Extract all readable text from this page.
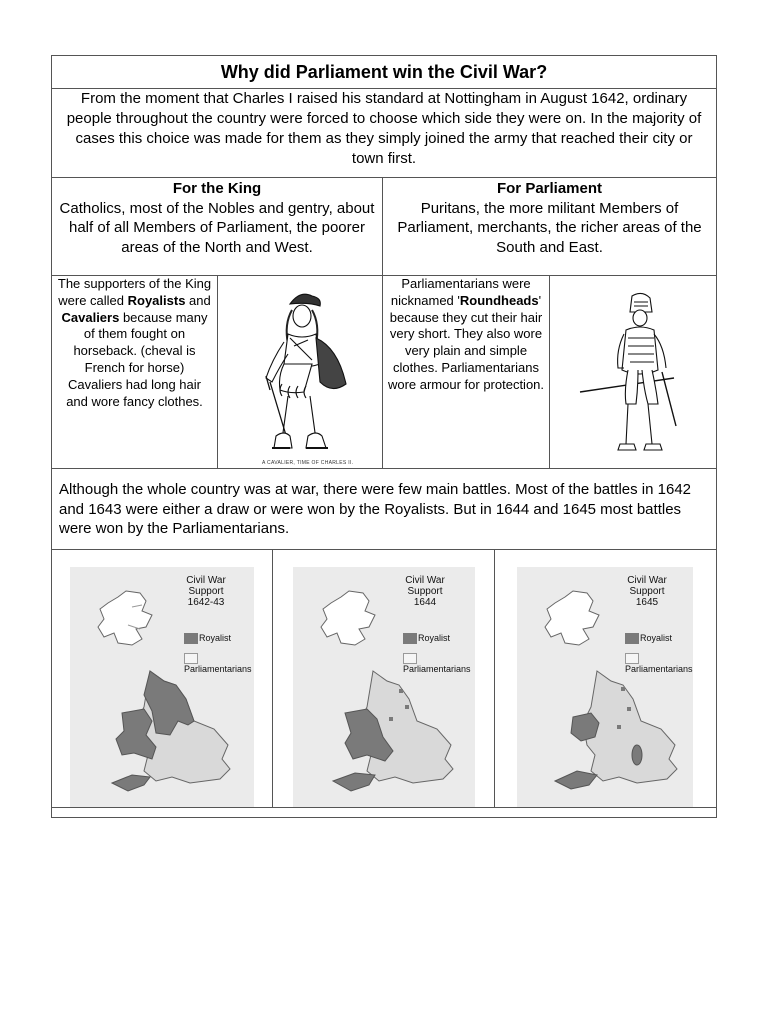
Why did Parliament win the Civil War?
From the moment that Charles I raised his standard at Nottingham in August 1642, ordinary people throughout the country were forced to choose which side they were on. In the majority of cases this choice was made for them as they simply joined the army that reached their city or town first.
For the King
Catholics, most of the Nobles and gentry, about half of all Members of Parliament, the poorer areas of the North and West.
For Parliament
Puritans, the more militant Members of Parliament, merchants, the richer areas of the South and East.
The supporters of the King were called Royalists and Cavaliers because many of them fought on horseback. (cheval is French for horse) Cavaliers had long hair and wore fancy clothes.
A CAVALIER, TIME OF CHARLES II.
Parliamentarians were nicknamed 'Roundheads' because they cut their hair very short. They also wore very plain and simple clothes. Parliamentarians wore armour for protection.
Although the whole country was at war, there were few main battles. Most of the battles in 1642 and 1643 were either a draw or were won by the Royalists. But in 1644 and 1645 most battles were won by the Parliamentarians.
Civil War
Support
1642-43
Royalist
Parliamentarians
Civil War
Support
1644
Royalist
Parliamentarians
Civil War
Support
1645
Royalist
Parliamentarians
